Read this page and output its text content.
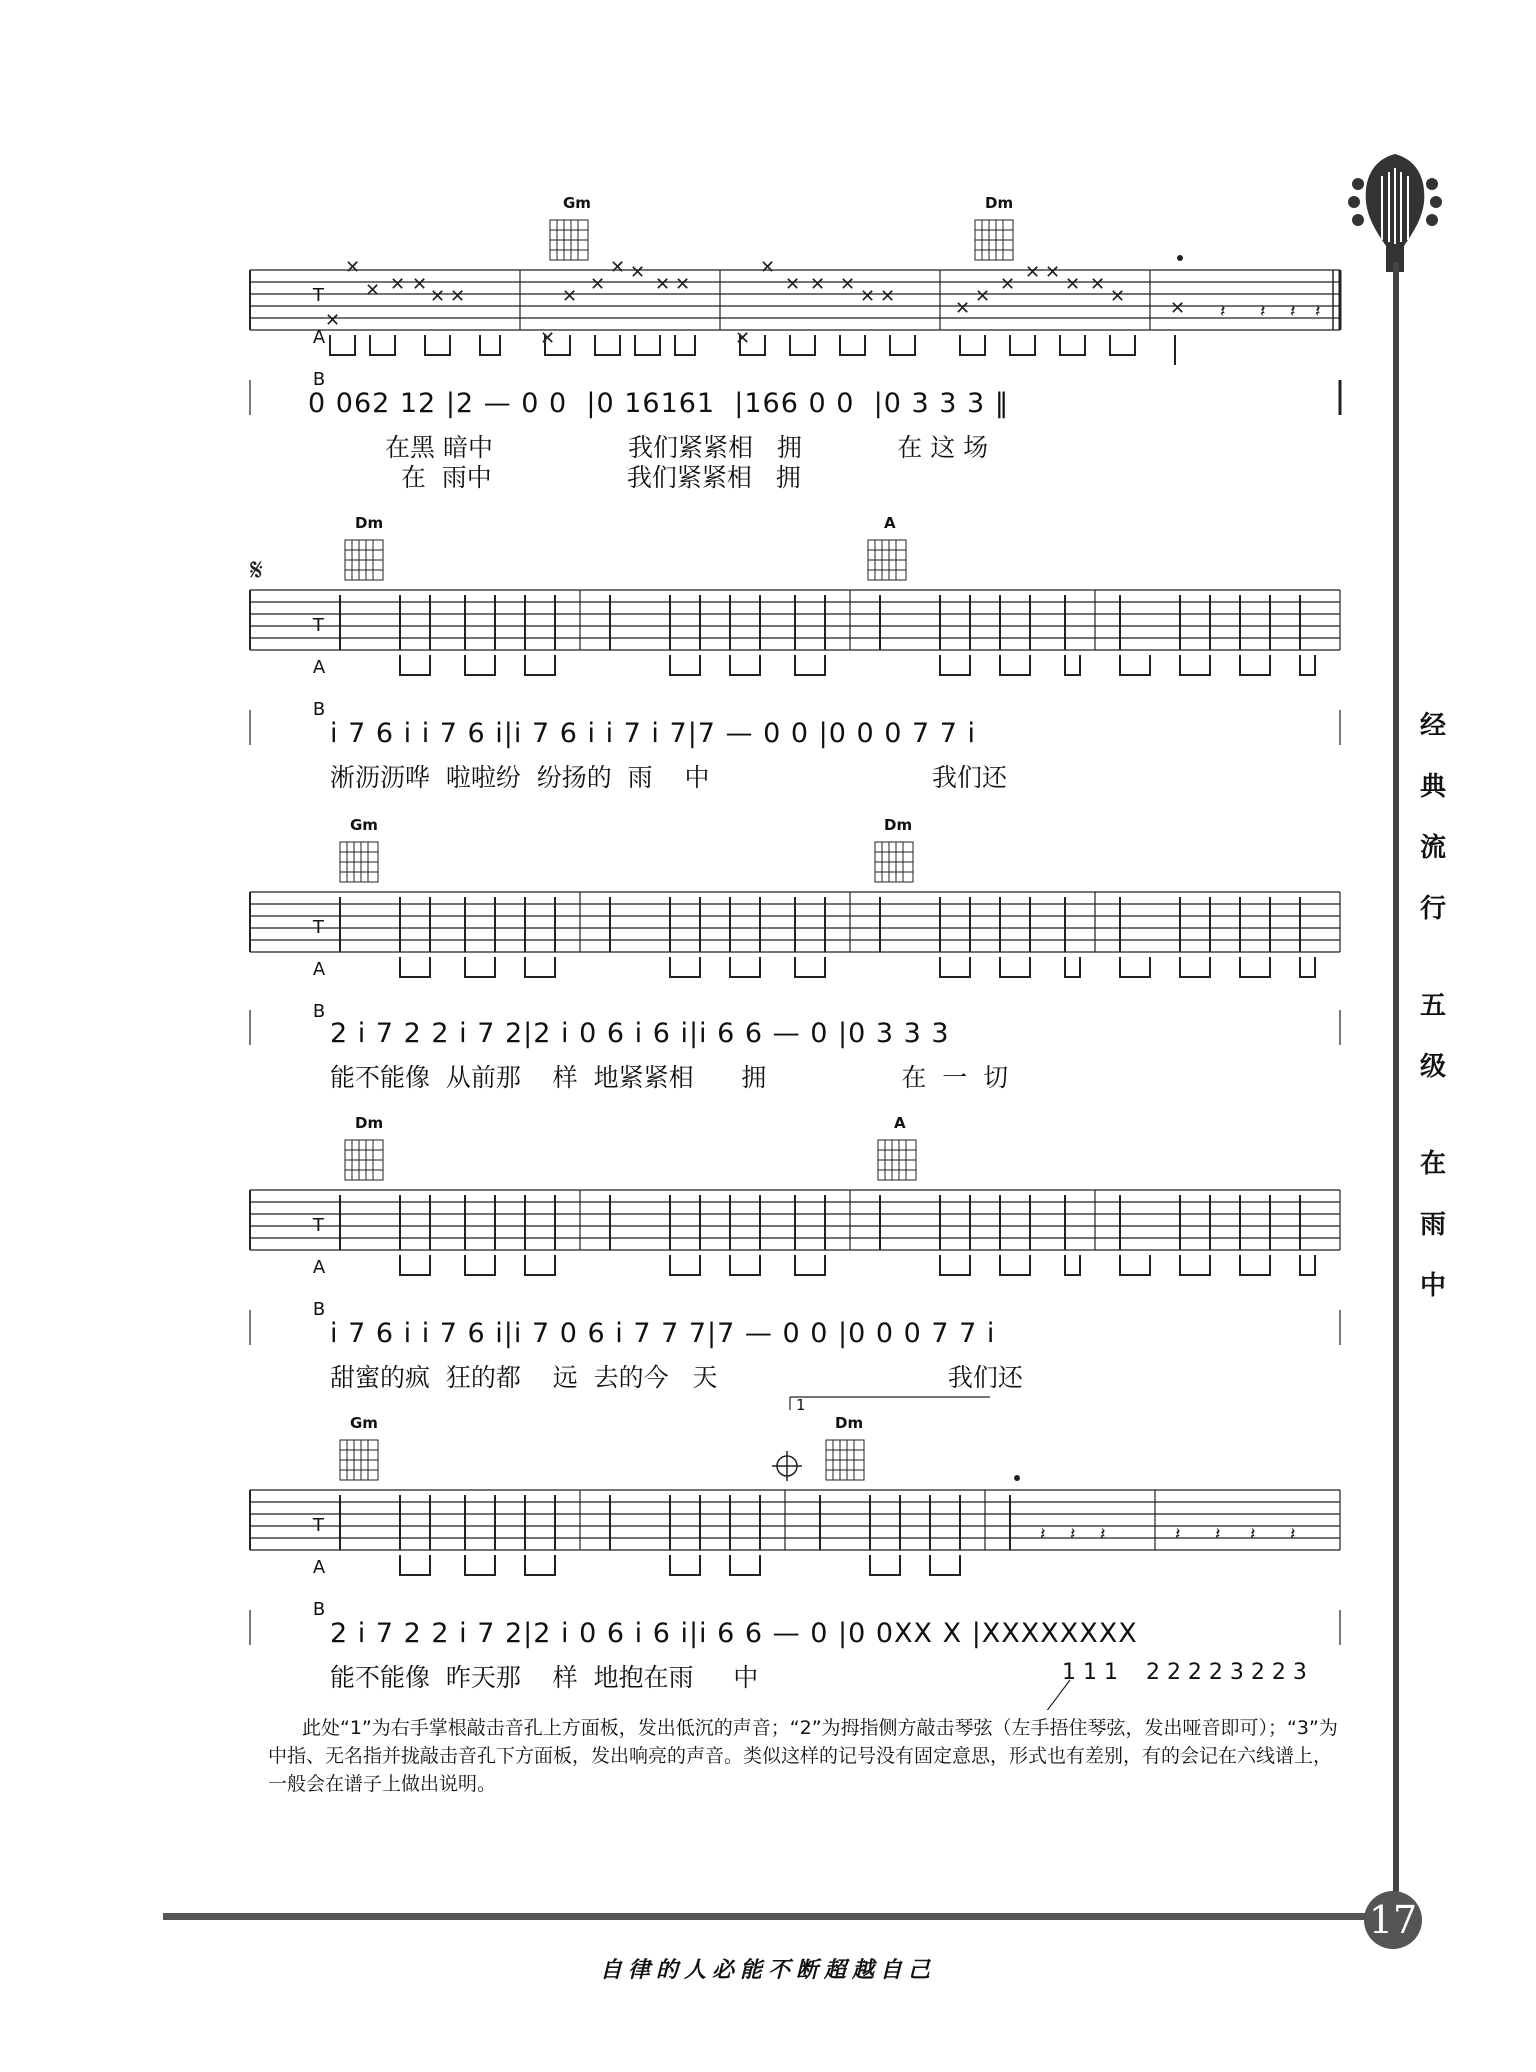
经
典
流
行
五
级
在
雨
中
✕
✕
✕ ✕ ✕
✕ ✕
✕
✕
✕
✕ ✕
✕ ✕
✕
✕
✕ ✕ ✕
✕ ✕
✕
✕
✕
✕ ✕
✕ ✕
✕
✕ 𝄽 𝄽 𝄽 𝄽
Gm	Dm

T

A

B

0 062 12 |2 — 0 0  |0 16161  |166 0 0  |0 3 3 3 ‖
在黑 暗中                 我们紧紧相   拥            在 这 场
在  雨中                 我们紧紧相   拥
𝄋
Dm	A

T

A

B

i 7 6 i i 7 6 i|i 7 6 i i 7 i 7|7 — 0 0 |0 0 0 7 7 i
淅沥沥哗  啦啦纷  纷扬的  雨    中                            我们还
Gm	Dm

T

A

B

2 i 7 2 2 i 7 2|2 i 0 6 i 6 i|i 6 6 — 0 |0 3 3 3
能不能像  从前那    样  地紧紧相      拥                 在  一  切
Dm	A

T

A

B

i 7 6 i i 7 6 i|i 7 0 6 i 7 7 7|7 — 0 0 |0 0 0 7 7 i
甜蜜的疯  狂的都    远  去的今   天                             我们还
1
𝄽 𝄽 𝄽	𝄽 𝄽 𝄽 𝄽
Gm	Dm

T

A

B

2 i 7 2 2 i 7 2|2 i 0 6 i 6 i|i 6 6 — 0 |0 0XX X |XXXXXXXX
能不能像  昨天那    样  地抱在雨     中	1 1 1    2 2 2 2 3 2 2 3

此处“1”为右手掌根敲击音孔上方面板，发出低沉的声音；“2”为拇指侧方敲击琴弦（左手捂住琴弦，发出哑音即可）；“3”为中指、无名指并拢敲击音孔下方面板，发出响亮的声音。类似这样的记号没有固定意思，形式也有差别，有的会记在六线谱上，一般会在谱子上做出说明。

17
自律的人必能不断超越自己
